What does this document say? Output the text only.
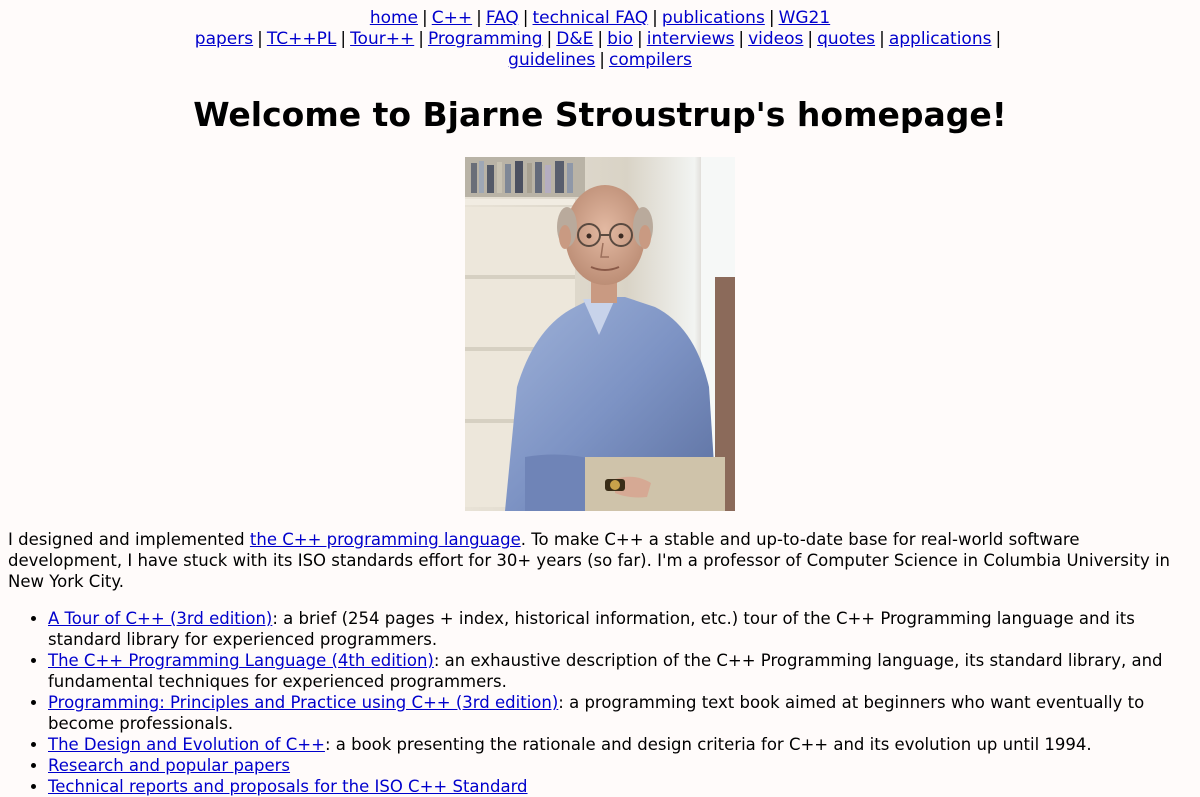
home | C++ | FAQ | technical FAQ | publications | WG21 papers | TC++PL | Tour++ | Programming | D&E | bio | interviews | videos | quotes | applications |
guidelines | compilers
Welcome to Bjarne Stroustrup's homepage!
I designed and implemented the C++ programming language. To make C++ a stable and up-to-date base for real-world software development, I have stuck with its ISO standards effort for 30+ years (so far). I'm a professor of Computer Science in Columbia University in New York City.
• A Tour of C++ (3rd edition): a brief (254 pages + index, historical information, etc.) tour of the C++ Programming language and its standard library for experienced programmers.
• The C++ Programming Language (4th edition): an exhaustive description of the C++ Programming language, its standard library, and fundamental techniques for experienced programmers.
• Programming: Principles and Practice using C++ (3rd edition): a programming text book aimed at beginners who want eventually to become professionals.
• The Design and Evolution of C++: a book presenting the rationale and design criteria for C++ and its evolution up until 1994.
• Research and popular papers
• Technical reports and proposals for the ISO C++ Standard
